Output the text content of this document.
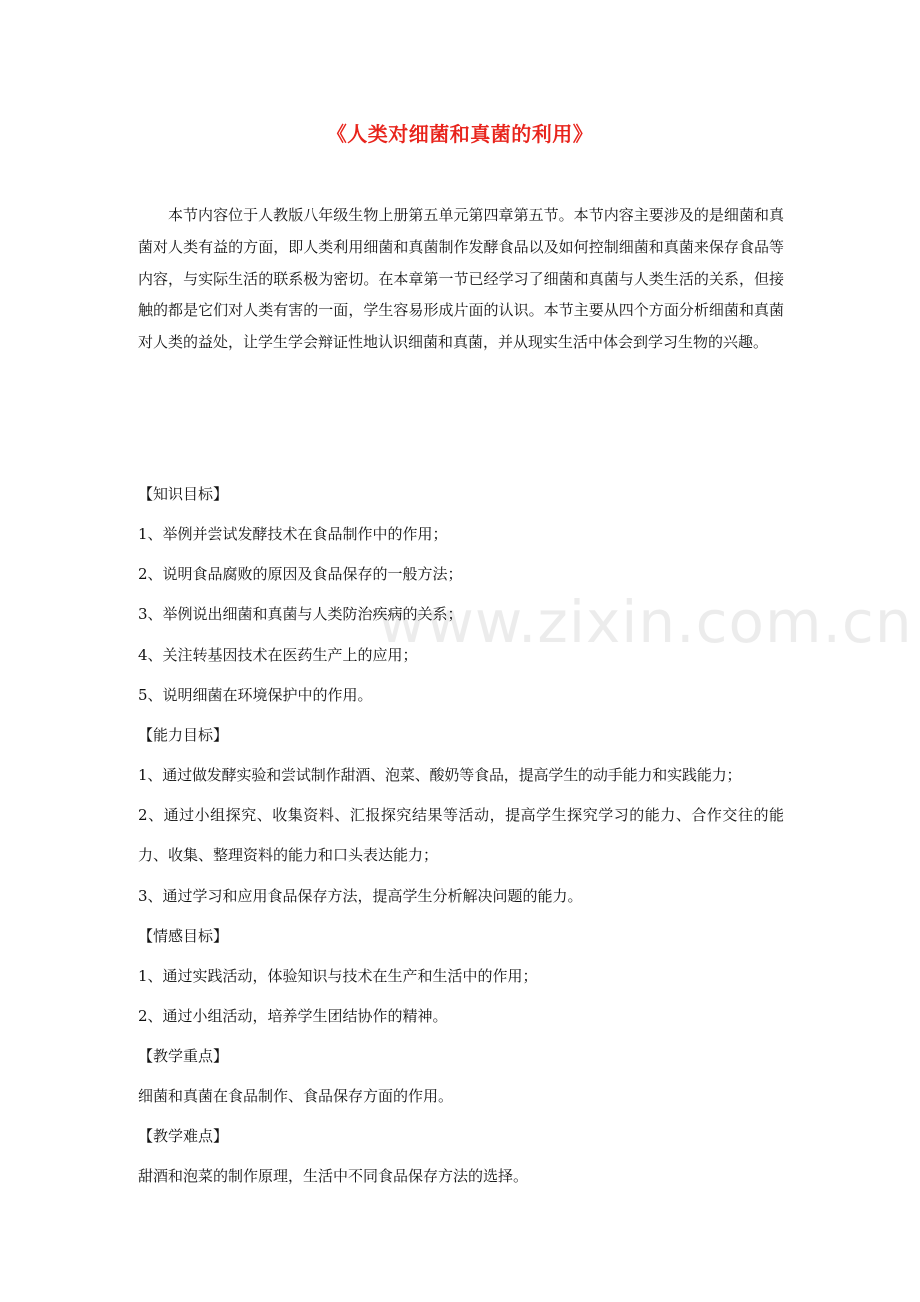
《人类对细菌和真菌的利用》

本节内容位于人教版八年级生物上册第五单元第四章第五节。本节内容主要涉及的是细菌和真菌对人类有益的方面，即人类利用细菌和真菌制作发酵食品以及如何控制细菌和真菌来保存食品等内容，与实际生活的联系极为密切。在本章第一节已经学习了细菌和真菌与人类生活的关系，但接触的都是它们对人类有害的一面，学生容易形成片面的认识。本节主要从四个方面分析细菌和真菌对人类的益处，让学生学会辩证性地认识细菌和真菌，并从现实生活中体会到学习生物的兴趣。

【知识目标】
1、举例并尝试发酵技术在食品制作中的作用；
2、说明食品腐败的原因及食品保存的一般方法；
3、举例说出细菌和真菌与人类防治疾病的关系；
4、关注转基因技术在医药生产上的应用；
5、说明细菌在环境保护中的作用。
【能力目标】
1、通过做发酵实验和尝试制作甜酒、泡菜、酸奶等食品，提高学生的动手能力和实践能力；

2、通过小组探究、收集资料、汇报探究结果等活动，提高学生探究学习的能力、合作交往的能力、收集、整理资料的能力和口头表达能力；

3、通过学习和应用食品保存方法，提高学生分析解决问题的能力。
【情感目标】
1、通过实践活动，体验知识与技术在生产和生活中的作用；
2、通过小组活动，培养学生团结协作的精神。
【教学重点】
细菌和真菌在食品制作、食品保存方面的作用。
【教学难点】
甜酒和泡菜的制作原理，生活中不同食品保存方法的选择。
www.zixin.com.cn
